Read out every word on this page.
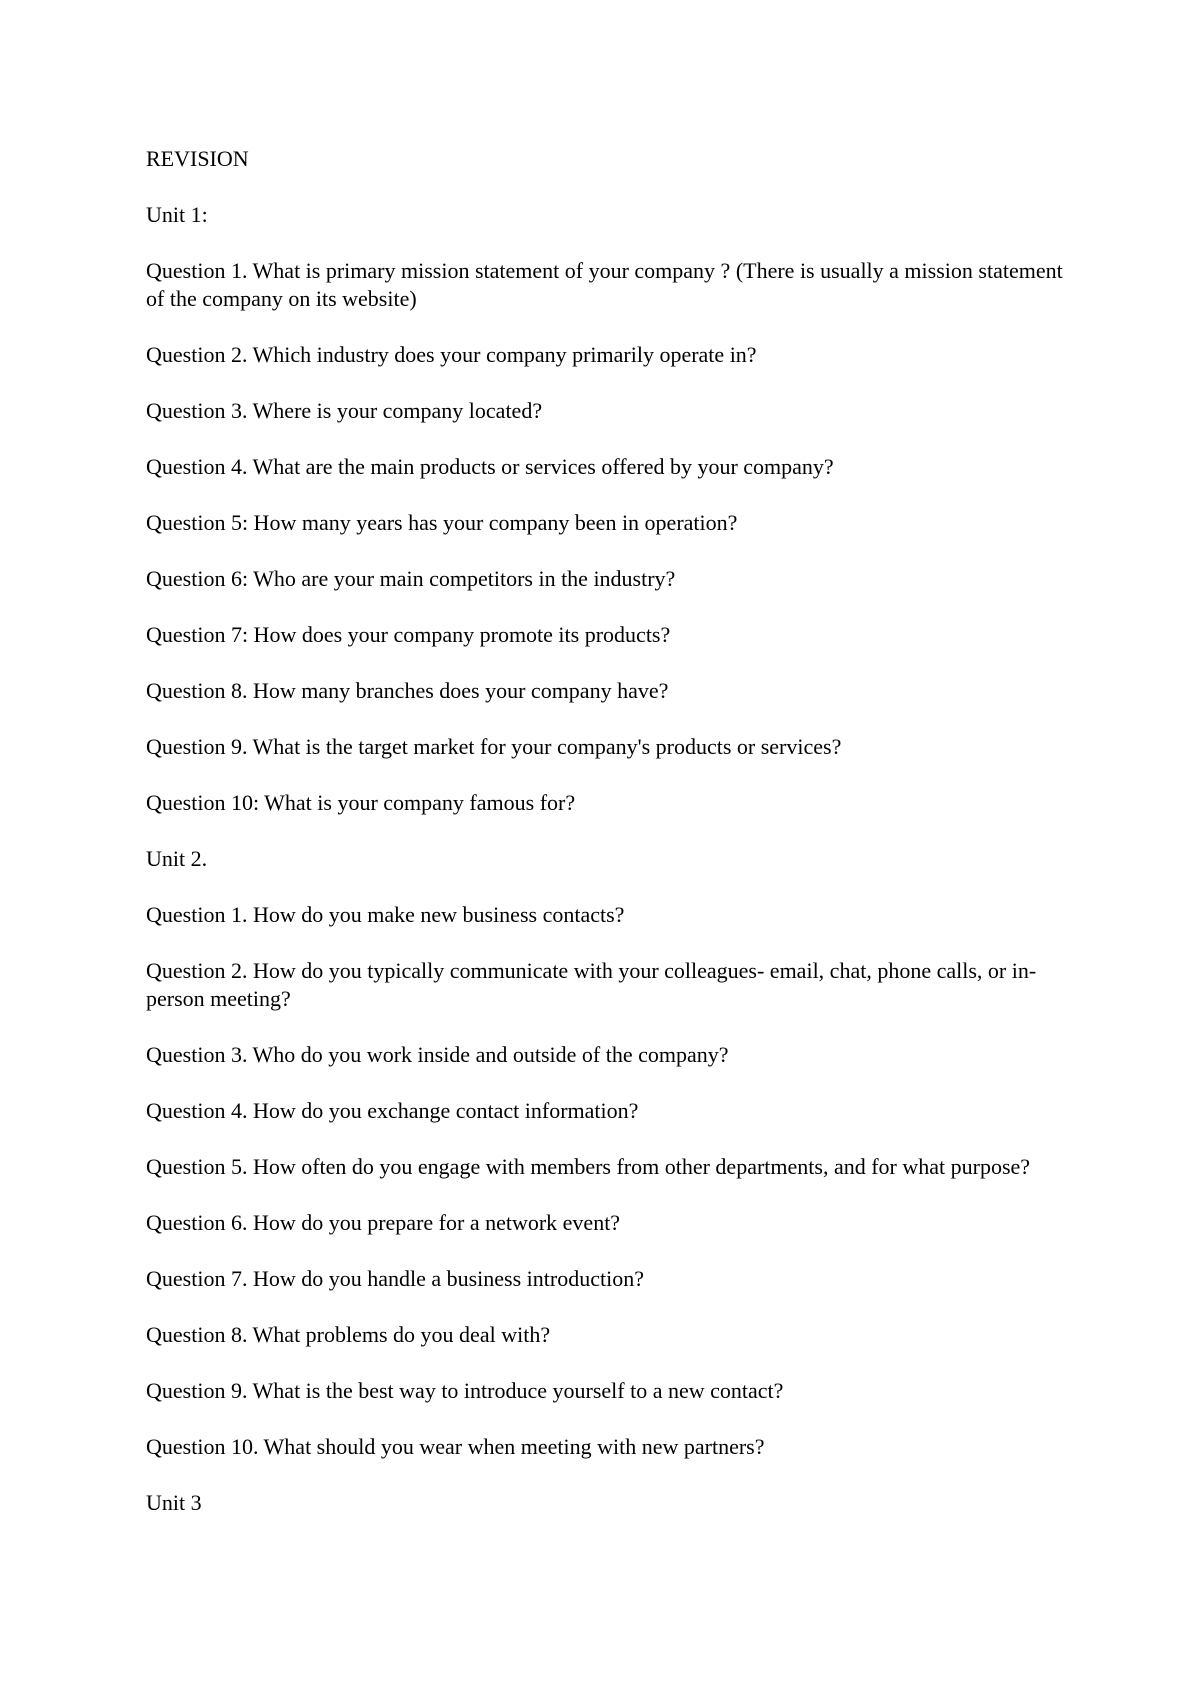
REVISION

Unit 1:

Question 1. What is primary mission statement of your company ? (There is usually a mission statement of the company on its website)

Question 2. Which industry does your company primarily operate in?

Question 3. Where is your company located?

Question 4. What are the main products or services offered by your company?

Question 5: How many years has your company been in operation?

Question 6: Who are your main competitors in the industry?

Question 7: How does your company promote its products?

Question 8. How many branches does your company have?

Question 9. What is the target market for your company's products or services?

Question 10: What is your company famous for?

Unit 2.

Question 1. How do you make new business contacts?

Question 2. How do you typically communicate with your colleagues- email, chat, phone calls, or in-person meeting?

Question 3. Who do you work inside and outside of the company?

Question 4. How do you exchange contact information?

Question 5. How often do you engage with members from other departments, and for what purpose?

Question 6. How do you prepare for a network event?

Question 7. How do you handle a business introduction?

Question 8. What problems do you deal with?

Question 9. What is the best way to introduce yourself to a new contact?

Question 10. What should you wear when meeting with new partners?

Unit 3
